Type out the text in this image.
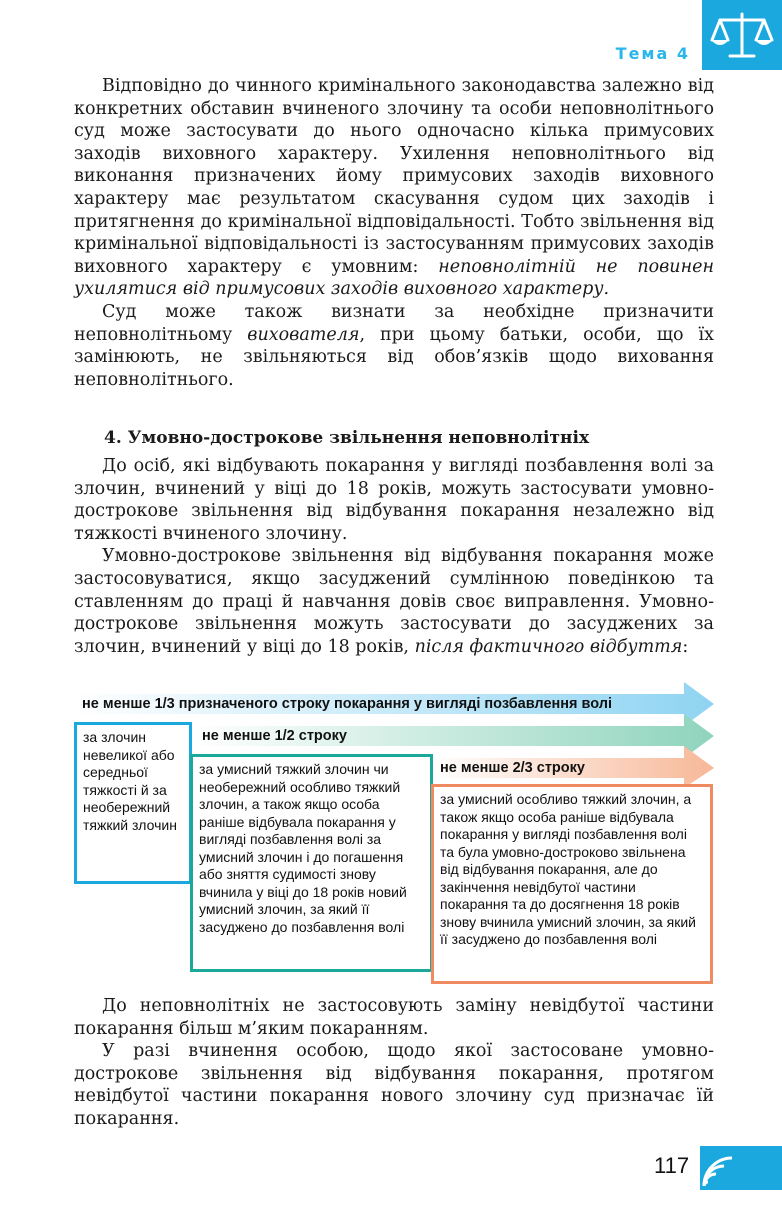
Тема 4

Відповідно до чинного кримінального законодавства залежно від конкретних обставин вчиненого злочину та особи неповнолітнього суд може застосувати до нього одночасно кілька примусових заходів виховного характеру. Ухилення неповнолітнього від виконання призначених йому примусових заходів виховного характеру має результатом скасування судом цих заходів і притягнення до кримінальної відповідальності. Тобто звільнення від кримінальної відповідальності із застосуванням примусових заходів виховного характеру є умовним: неповнолітній не повинен ухилятися від примусових заходів виховного характеру.

Суд може також визнати за необхідне призначити неповнолітньому вихователя, при цьому батьки, особи, що їх замінюють, не звільняються від обов’язків щодо виховання неповнолітнього.

4. Умовно-дострокове звільнення неповнолітніх

До осіб, які відбувають покарання у вигляді позбавлення волі за злочин, вчинений у віці до 18 років, можуть застосувати умовно-дострокове звільнення від відбування покарання незалежно від тяжкості вчиненого злочину.

Умовно-дострокове звільнення від відбування покарання може застосовуватися, якщо засуджений сумлінною поведінкою та ставленням до праці й навчання довів своє виправлення. Умовно-дострокове звільнення можуть застосувати до засуджених за злочин, вчинений у віці до 18 років, після фактичного відбуття:

не менше 1/3 призначеного строку покарання у вигляді позбавлення волі
не менше 1/2 строку
не менше 2/3 строку
за злочин невеликої або середньої тяжкості й за необережний тяжкий злочин
за умисний тяжкий злочин чи необережний особливо тяжкий злочин, а також якщо особа раніше відбувала покарання у вигляді позбавлення волі за умисний злочин і до погашення або зняття судимості знову вчинила у віці до 18 років новий умисний злочин, за який її засуджено до позбавлення волі
за умисний особливо тяжкий злочин, а також якщо особа раніше відбувала покарання у вигляді позбавлення волі та була умовно-достроково звільнена від відбування покарання, але до закінчення невідбутої частини покарання та до досягнення 18 років знову вчинила умисний злочин, за який її засуджено до позбавлення волі

До неповнолітніх не застосовують заміну невідбутої частини покарання більш м’яким покаранням.

У разі вчинення особою, щодо якої застосоване умовно-дострокове звільнення від відбування покарання, протягом невідбутої частини покарання нового злочину суд призначає їй покарання.

117
